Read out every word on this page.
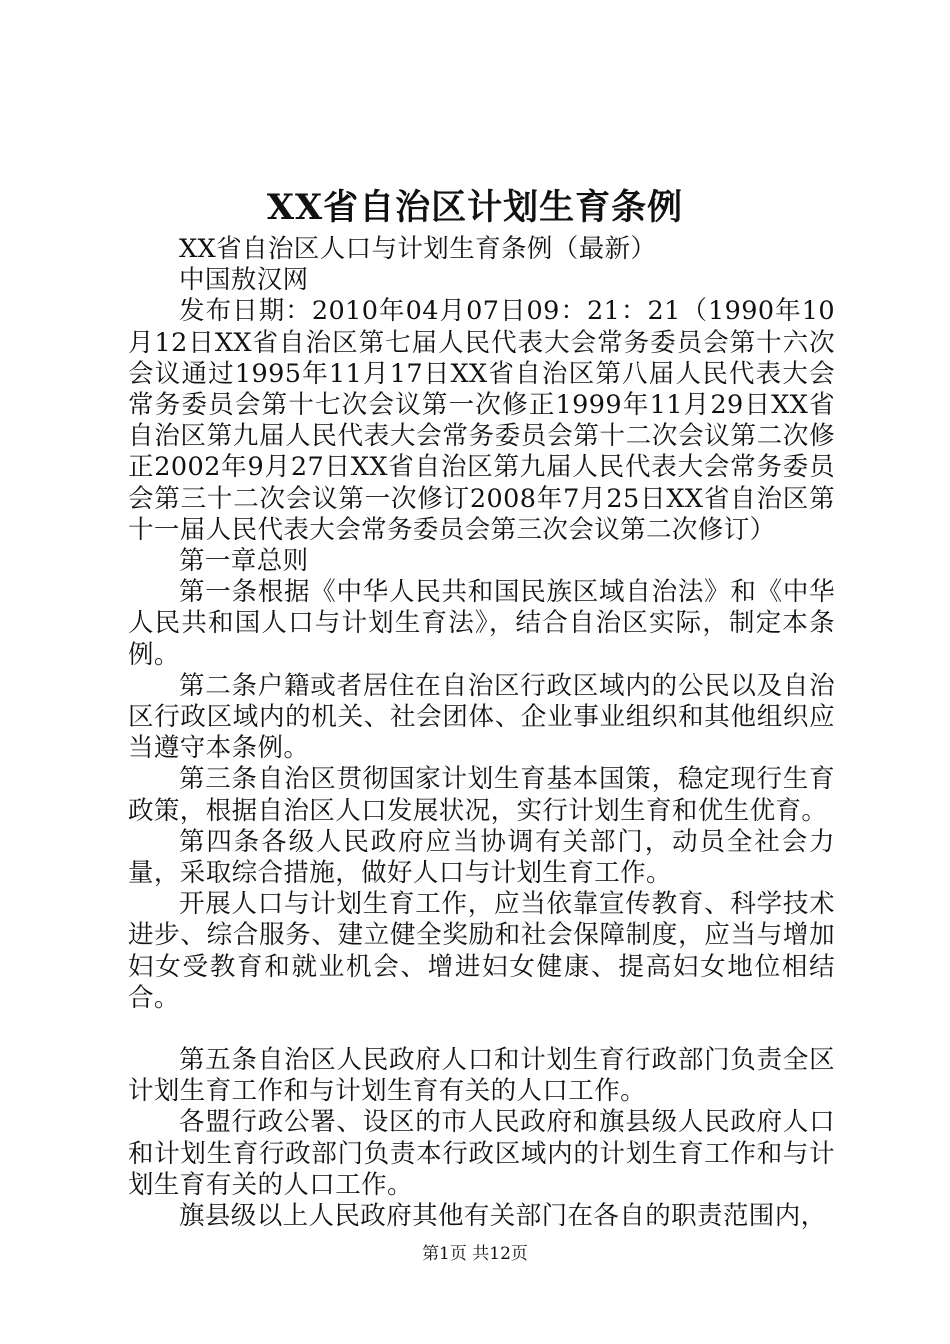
XX省自治区计划生育条例

XX省自治区人口与计划生育条例（最新）

中国敖汉网

发布日期：2010年04月07日09：21：21（1990年10月12日XX省自治区第七届人民代表大会常务委员会第十六次会议通过1995年11月17日XX省自治区第八届人民代表大会常务委员会第十七次会议第一次修正1999年11月29日XX省自治区第九届人民代表大会常务委员会第十二次会议第二次修正2002年9月27日XX省自治区第九届人民代表大会常务委员会第三十二次会议第一次修订2008年7月25日XX省自治区第十一届人民代表大会常务委员会第三次会议第二次修订）

第一章总则

第一条根据《中华人民共和国民族区域自治法》和《中华人民共和国人口与计划生育法》，结合自治区实际，制定本条例。

第二条户籍或者居住在自治区行政区域内的公民以及自治区行政区域内的机关、社会团体、企业事业组织和其他组织应当遵守本条例。

第三条自治区贯彻国家计划生育基本国策，稳定现行生育政策，根据自治区人口发展状况，实行计划生育和优生优育。

第四条各级人民政府应当协调有关部门，动员全社会力量，采取综合措施，做好人口与计划生育工作。

开展人口与计划生育工作，应当依靠宣传教育、科学技术进步、综合服务、建立健全奖励和社会保障制度，应当与增加妇女受教育和就业机会、增进妇女健康、提高妇女地位相结合。

第五条自治区人民政府人口和计划生育行政部门负责全区计划生育工作和与计划生育有关的人口工作。

各盟行政公署、设区的市人民政府和旗县级人民政府人口和计划生育行政部门负责本行政区域内的计划生育工作和与计划生育有关的人口工作。

旗县级以上人民政府其他有关部门在各自的职责范围内，

第1页 共12页
